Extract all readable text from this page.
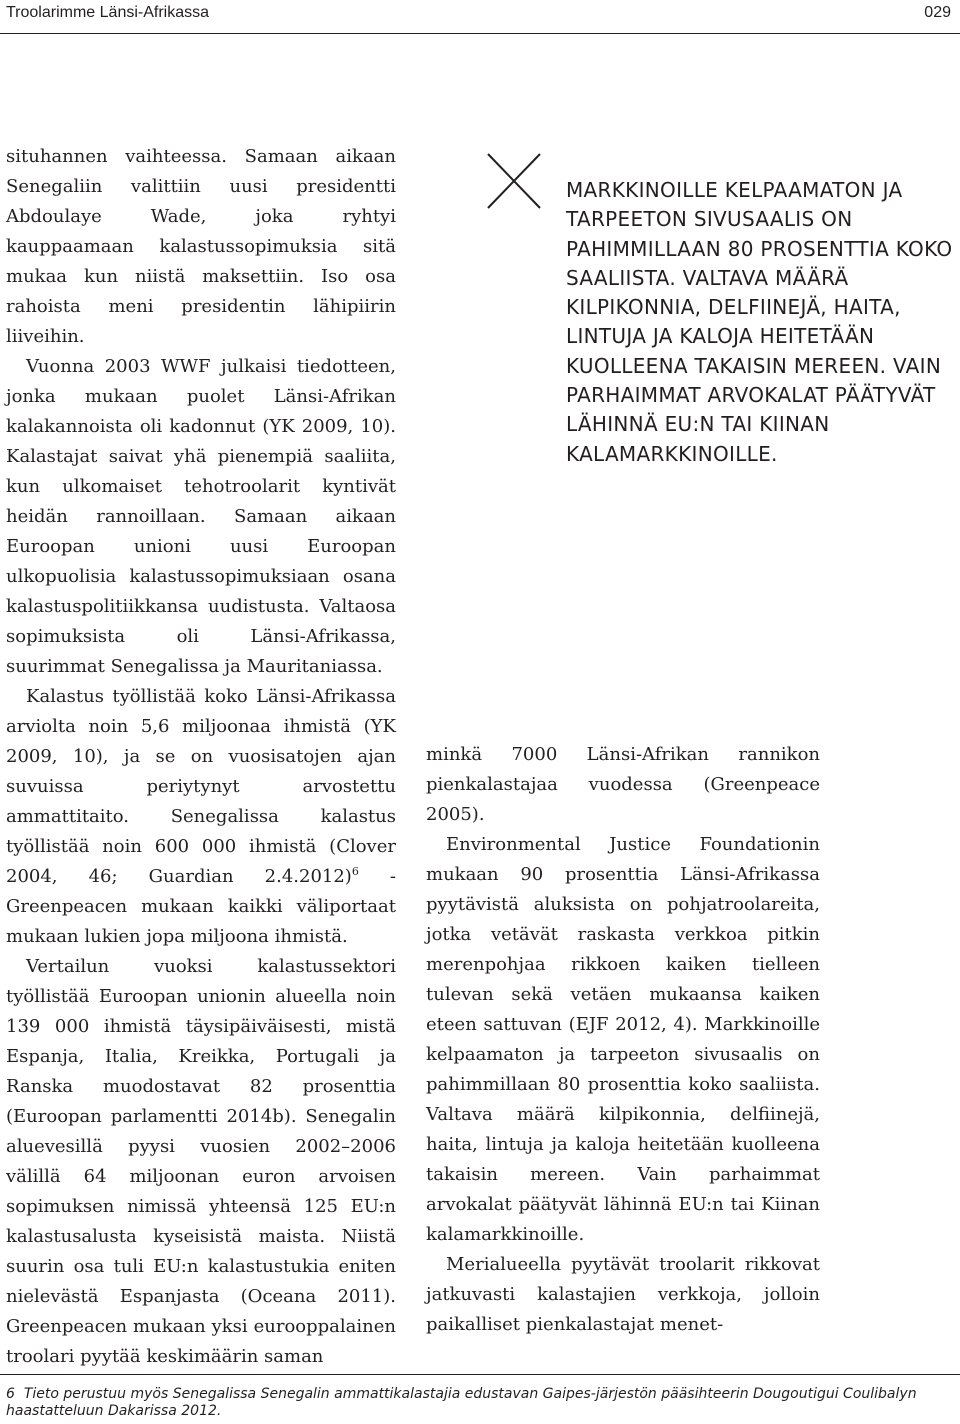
Troolarimme Länsi-Afrikassa	029

situhannen vaihteessa. Samaan aikaan Senegaliin valittiin uusi presidentti Abdoulaye Wade, joka ryhtyi kauppaamaan kalastussopimuksia sitä mukaa kun niistä maksettiin. Iso osa rahoista meni presidentin lähipiirin liiveihin.

Vuonna 2003 WWF julkaisi tiedotteen, jonka mukaan puolet Länsi-Afrikan kalakannoista oli kadonnut (YK 2009, 10). Kalastajat saivat yhä pienempiä saaliita, kun ulkomaiset tehotroolarit kyntivät heidän rannoillaan. Samaan aikaan Euroopan unioni uusi Euroopan ulkopuolisia kalastussopimuksiaan osana kalastuspolitiikkansa uudistusta. Valtaosa sopimuksista oli Länsi-Afrikassa, suurimmat Senegalissa ja Mauritaniassa.

Kalastus työllistää koko Länsi-Afrikassa arviolta noin 5,6 miljoonaa ihmistä (YK 2009, 10), ja se on vuosisatojen ajan suvuissa periytynyt arvostettu ammattitaito. Senegalissa kalastus työllistää noin 600 000 ihmistä (Clover 2004, 46; Guardian 2.4.2012)$^6$ - Greenpeacen mukaan kaikki väliportaat mukaan lukien jopa miljoona ihmistä.

Vertailun vuoksi kalastussektori työllistää Euroopan unionin alueella noin 139 000 ihmistä täysipäiväisesti, mistä Espanja, Italia, Kreikka, Portugali ja Ranska muodostavat 82 prosenttia (Euroopan parlamentti 2014b). Senegalin aluevesillä pyysi vuosien 2002–2006 välillä 64 miljoonan euron arvoisen sopimuksen nimissä yhteensä 125 EU:n kalastusalusta kyseisistä maista. Niistä suurin osa tuli EU:n kalastustukia eniten nielevästä Espanjasta (Oceana 2011). Greenpeacen mukaan yksi eurooppalainen troolari pyytää keskimäärin saman

MARKKINOILLE KELPAAMATON JA TARPEETON SIVUSAALIS ON PAHIMMILLAAN 80 PROSENTTIA KOKO SAALIISTA. VALTAVA MÄÄRÄ KILPIKONNIA, DELFIINEJÄ, HAITA, LINTUJA JA KALOJA HEITETÄÄN KUOLLEENA TAKAISIN MEREEN. VAIN PARHAIMMAT ARVOKALAT PÄÄTYVÄT LÄHINNÄ EU:N TAI KIINAN KALAMARKKINOILLE.

minkä 7000 Länsi-Afrikan rannikon pienkalastajaa vuodessa (Greenpeace 2005).

Environmental Justice Foundationin mukaan 90 prosenttia Länsi-Afrikassa pyytävistä aluksista on pohjatroolareita, jotka vetävät raskasta verkkoa pitkin merenpohjaa rikkoen kaiken tielleen tulevan sekä vetäen mukaansa kaiken eteen sattuvan (EJF 2012, 4). Markkinoille kelpaamaton ja tarpeeton sivusaalis on pahimmillaan 80 prosenttia koko saaliista. Valtava määrä kilpikonnia, delfiinejä, haita, lintuja ja kaloja heitetään kuolleena takaisin mereen. Vain parhaimmat arvokalat päätyvät lähinnä EU:n tai Kiinan kalamarkkinoille.

Merialueella pyytävät troolarit rikkovat jatkuvasti kalastajien verkkoja, jolloin paikalliset pienkalastajat menet-

6 Tieto perustuu myös Senegalissa Senegalin ammattikalastajia edustavan Gaipes-järjestön pääsihteerin Dougoutigui Coulibalyn haastatteluun Dakarissa 2012.
